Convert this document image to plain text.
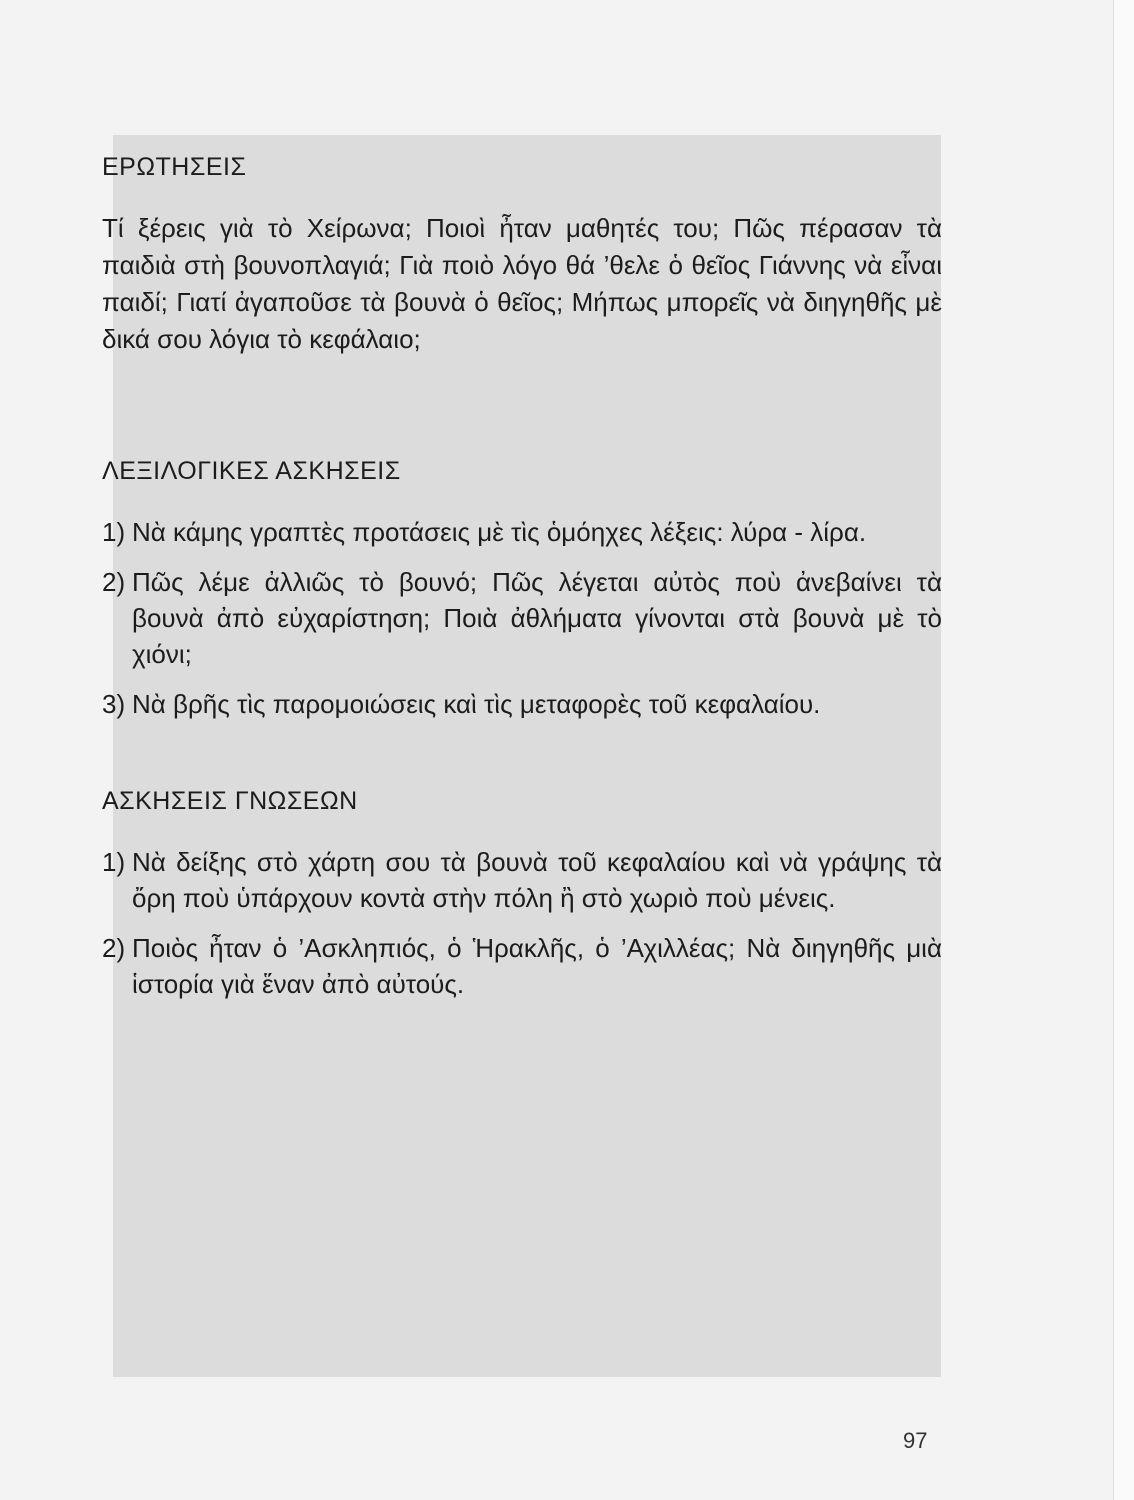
ΕΡΩΤΗΣΕΙΣ

Τί ξέρεις γιὰ τὸ Χείρωνα; Ποιοὶ ἦταν μαθητές του; Πῶς πέρασαν τὰ παιδιὰ στὴ βουνοπλαγιά; Γιὰ ποιὸ λόγο θά ’θελε ὁ θεῖος Γιάννης νὰ εἶναι παιδί; Γιατί ἀγαποῦσε τὰ βουνὰ ὁ θεῖος; Μήπως μπορεῖς νὰ διηγηθῆς μὲ δικά σου λόγια τὸ κεφάλαιο;

ΛΕΞΙΛΟΓΙΚΕΣ ΑΣΚΗΣΕΙΣ
1) Νὰ κάμης γραπτὲς προτάσεις μὲ τὶς ὁμόηχες λέξεις: λύρα - λίρα.
2) Πῶς λέμε ἀλλιῶς τὸ βουνό; Πῶς λέγεται αὐτὸς ποὺ ἀνεβαίνει τὰ βουνὰ ἀπὸ εὐχαρίστηση; Ποιὰ ἀθλήματα γίνονται στὰ βουνὰ μὲ τὸ χιόνι;
3) Νὰ βρῆς τὶς παρομοιώσεις καὶ τὶς μεταφορὲς τοῦ κεφαλαίου.
ΑΣΚΗΣΕΙΣ ΓΝΩΣΕΩΝ
1) Νὰ δείξης στὸ χάρτη σου τὰ βουνὰ τοῦ κεφαλαίου καὶ νὰ γράψης τὰ ὄρη ποὺ ὑπάρχουν κοντὰ στὴν πόλη ἢ στὸ χωριὸ ποὺ μένεις.
2) Ποιὸς ἦταν ὁ ’Ασκληπιός, ὁ Ἡρακλῆς, ὁ ’Αχιλλέας; Νὰ διηγηθῆς μιὰ ἱστορία γιὰ ἕναν ἀπὸ αὐτούς.
97
